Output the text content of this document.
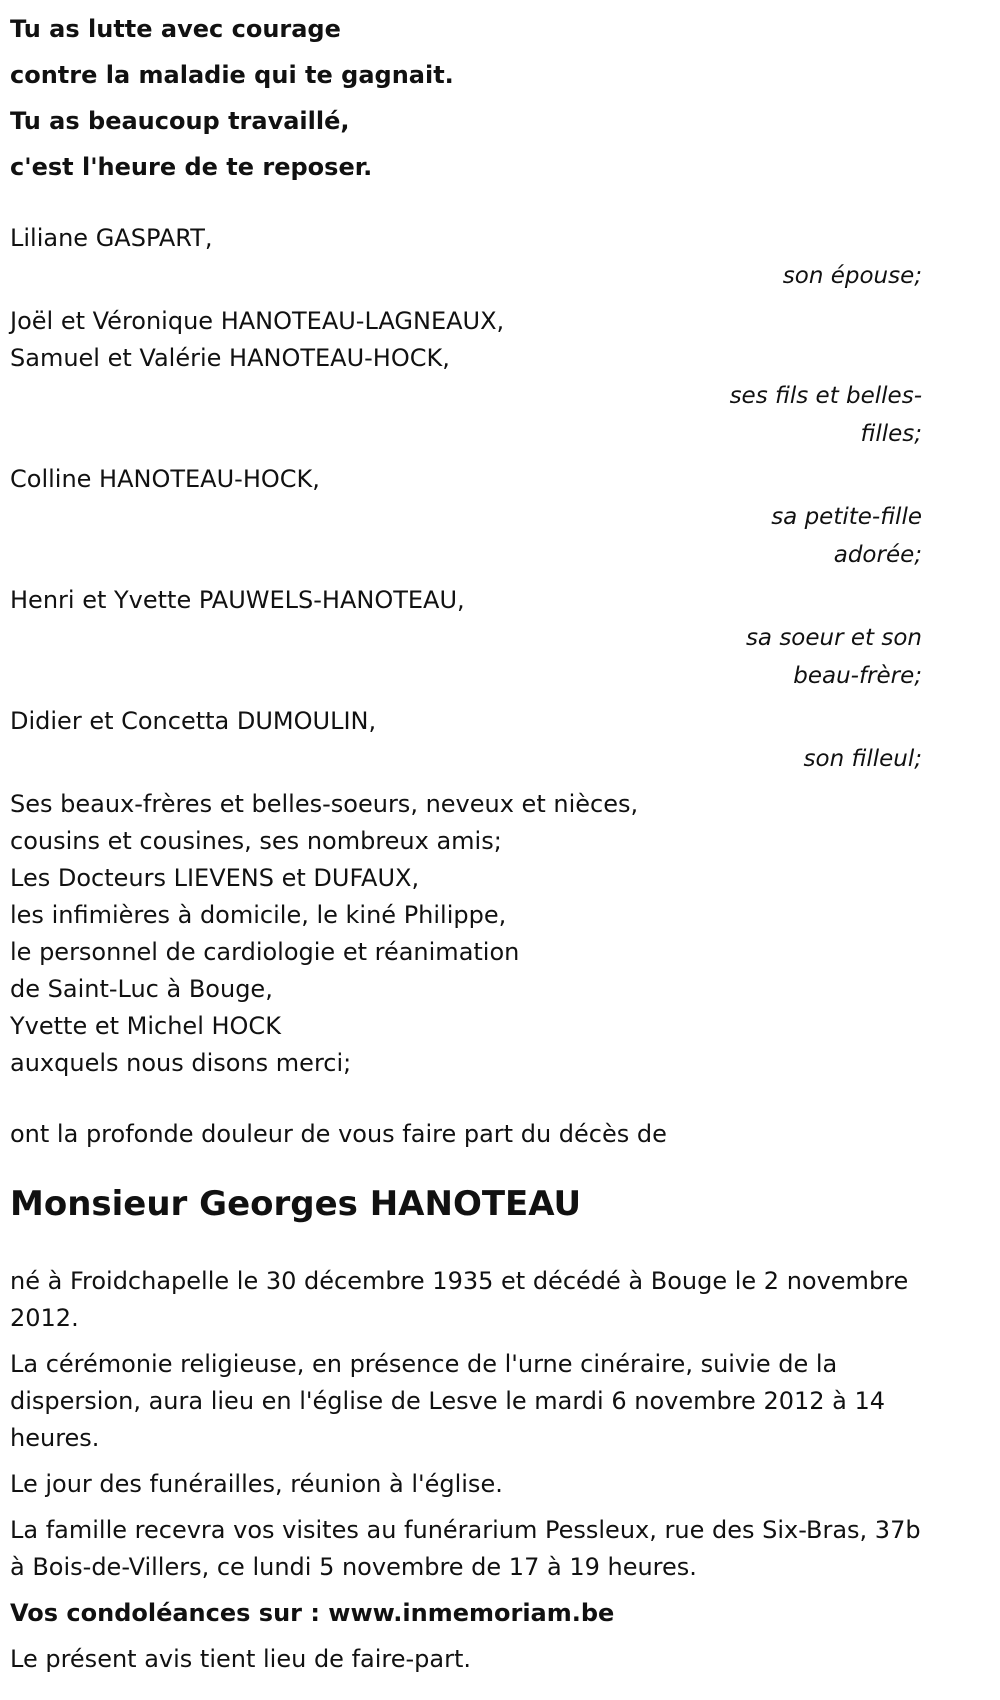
Tu as lutte avec courage
contre la maladie qui te gagnait.
Tu as beaucoup travaillé,
c'est l'heure de te reposer.
Liliane GASPART,
son épouse;
Joël et Véronique HANOTEAU-LAGNEAUX,
Samuel et Valérie HANOTEAU-HOCK,
ses fils et belles-filles;
Colline HANOTEAU-HOCK,
sa petite-fille adorée;
Henri et Yvette PAUWELS-HANOTEAU,
sa soeur et son beau-frère;
Didier et Concetta DUMOULIN,
son filleul;
Ses beaux-frères et belles-soeurs, neveux et nièces,
cousins et cousines, ses nombreux amis;
Les Docteurs LIEVENS et DUFAUX,
les infimières à domicile, le kiné Philippe,
le personnel de cardiologie et réanimation
de Saint-Luc à Bouge,
Yvette et Michel HOCK
auxquels nous disons merci;
ont la profonde douleur de vous faire part du décès de
Monsieur Georges HANOTEAU

né à Froidchapelle le 30 décembre 1935 et décédé à Bouge le 2 novembre 2012.

La cérémonie religieuse, en présence de l'urne cinéraire, suivie de la dispersion, aura lieu en l'église de Lesve le mardi 6 novembre 2012 à 14 heures.

Le jour des funérailles, réunion à l'église.

La famille recevra vos visites au funérarium Pessleux, rue des Six-Bras, 37b à Bois-de-Villers, ce lundi 5 novembre de 17 à 19 heures.

Vos condoléances sur : www.inmemoriam.be

Le présent avis tient lieu de faire-part.
